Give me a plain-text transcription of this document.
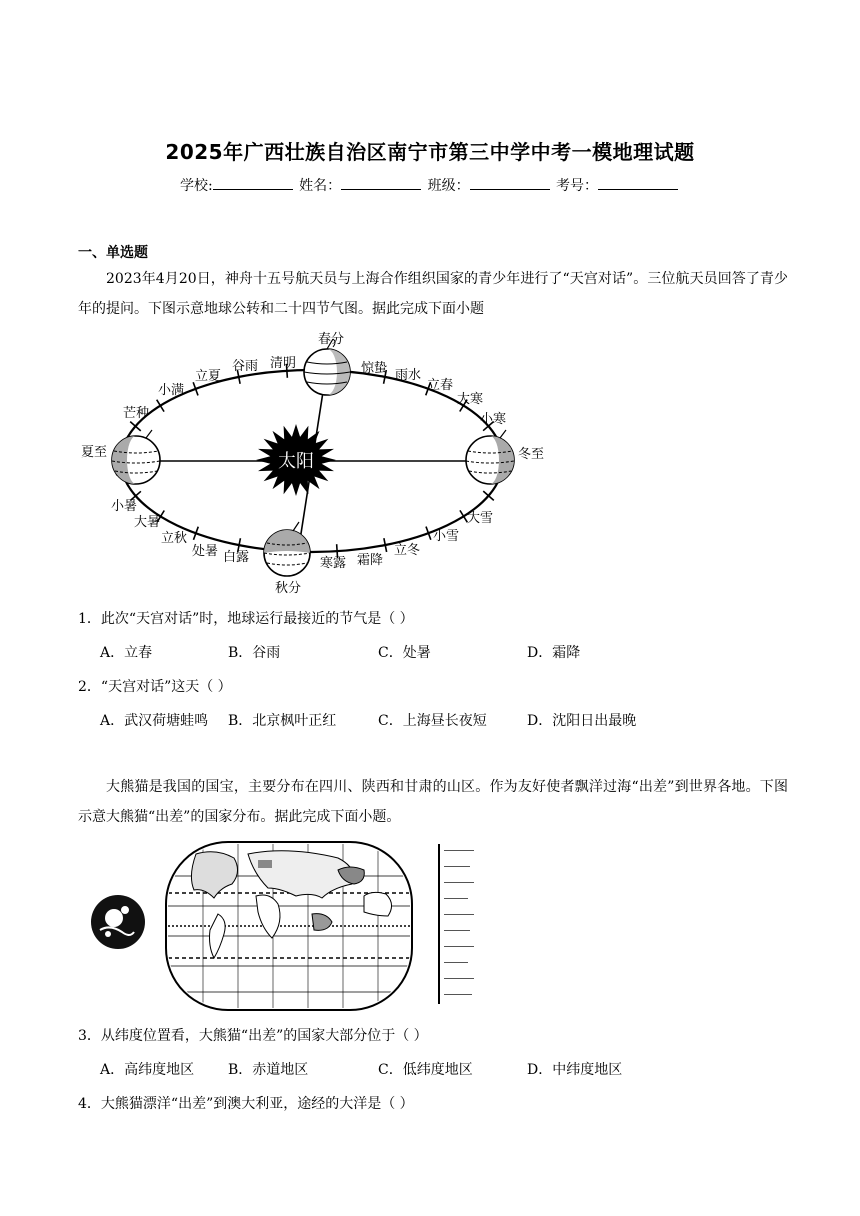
2025年广西壮族自治区南宁市第三中学中考一模地理试题
学校:	姓名：	班级：	考号：
一、单选题
2023年4月20日，神舟十五号航天员与上海合作组织国家的青少年进行了“天宫对话”。三位航天员回答了青少年的提问。下图示意地球公转和二十四节气图。据此完成下面小题
太阳
春分
惊蛰 雨水
立春
大寒
小寒
冬至
大雪
小雪
立冬
霜降
寒露
秋分
白露
处暑
立秋
大暑
小暑
夏至
芒种
小满
立夏
谷雨 清明
1．此次“天宫对话”时，地球运行最接近的节气是（ ）
A．立春	B．谷雨	C．处暑	D．霜降
2．“天宫对话”这天（ ）
A．武汉荷塘蛙鸣 B．北京枫叶正红	C．上海昼长夜短	D．沈阳日出最晚
大熊猫是我国的国宝，主要分布在四川、陕西和甘肃的山区。作为友好使者飘洋过海“出差”到世界各地。下图示意大熊猫“出差”的国家分布。据此完成下面小题。
3．从纬度位置看，大熊猫“出差”的国家大部分位于（ ）
A．高纬度地区 B．赤道地区	C．低纬度地区	D．中纬度地区
4．大熊猫漂洋“出差”到澳大利亚，途经的大洋是（ ）
